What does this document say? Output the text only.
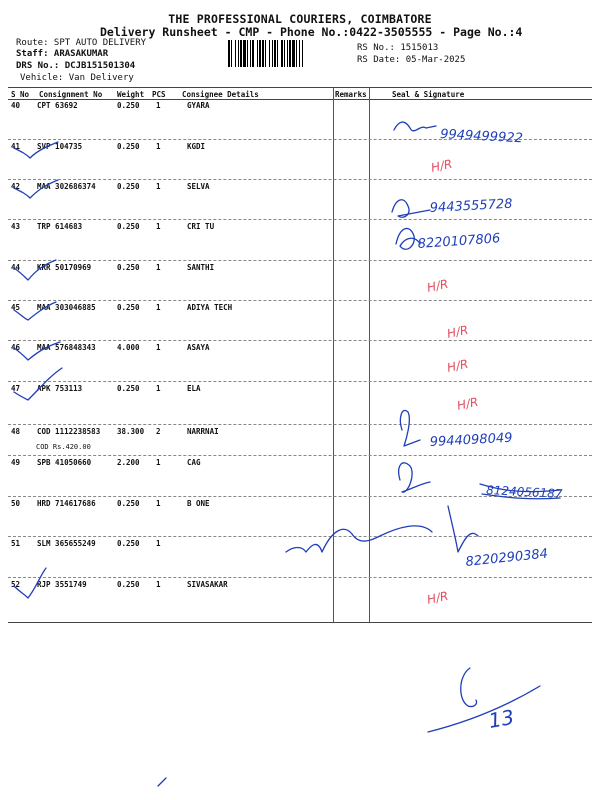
THE PROFESSIONAL COURIERS, COIMBATORE
Delivery Runsheet - CMP - Phone No.:0422-3505555 - Page No.:4
Route: SPT AUTO DELIVERY
Staff: ARASAKUMAR
DRS No.: DCJB151501304
Vehicle: Van Delivery
RS No.: 1515013
RS Date: 05-Mar-2025
S No Consignment No Weight PCS Consignee Details	Remarks	Seal & Signature
40 CPT 63692	0.250 1	GYARA
41 SVP 104735	0.250 1	KGDI
42 MAA 302686374	0.250 1	SELVA
43 TRP 614683	0.250 1	CRI TU
44 KRR 50170969	0.250 1	SANTHI
45 MAA 303046885	0.250 1	ADIYA TECH
46 MAA 576848343	4.000 1	ASAYA
47 APK 753113	0.250 1	ELA
48 COD 1112238583 38.300 2	NARRNAI
COD Rs.420.00
49 SPB 41050660	2.200 1	CAG
50 HRD 714617686	0.250 1	B ONE
51 SLM 365655249	0.250 1
52 RJP 3551749	0.250 1	SIVASAKAR
9949499922
9443555728
8220107806
9944098049
8124056187
8220290384
13
H/R
H/R
H/R
H/R
H/R
H/R
